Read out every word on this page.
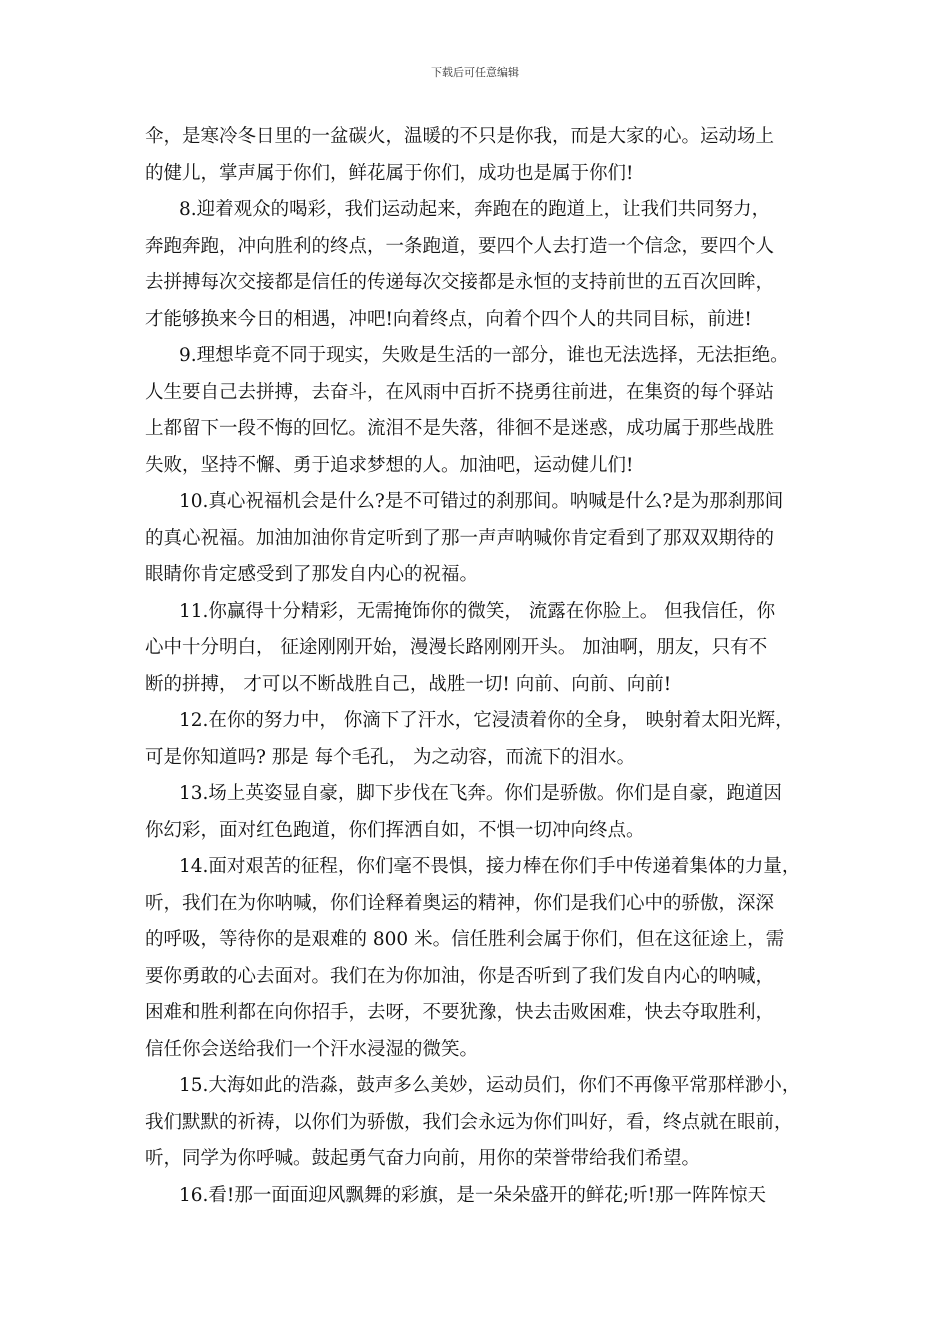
下载后可任意编辑
伞，是寒冷冬日里的一盆碳火，温暖的不只是你我，而是大家的心。运动场上
的健儿，掌声属于你们，鲜花属于你们，成功也是属于你们!
8.迎着观众的喝彩，我们运动起来，奔跑在的跑道上，让我们共同努力，
奔跑奔跑，冲向胜利的终点，一条跑道，要四个人去打造一个信念，要四个人
去拼搏每次交接都是信任的传递每次交接都是永恒的支持前世的五百次回眸，
才能够换来今日的相遇，冲吧!向着终点，向着个四个人的共同目标，前进!
9.理想毕竟不同于现实，失败是生活的一部分，谁也无法选择，无法拒绝。
人生要自己去拼搏，去奋斗，在风雨中百折不挠勇往前进，在集资的每个驿站
上都留下一段不悔的回忆。流泪不是失落，徘徊不是迷惑，成功属于那些战胜
失败，坚持不懈、勇于追求梦想的人。加油吧，运动健儿们!
10.真心祝福机会是什么?是不可错过的刹那间。呐喊是什么?是为那刹那间
的真心祝福。加油加油你肯定听到了那一声声呐喊你肯定看到了那双双期待的
眼睛你肯定感受到了那发自内心的祝福。
11.你赢得十分精彩，无需掩饰你的微笑， 流露在你脸上。 但我信任，你
心中十分明白， 征途刚刚开始，漫漫长路刚刚开头。 加油啊，朋友，只有不
断的拼搏， 才可以不断战胜自己，战胜一切! 向前、向前、向前!
12.在你的努力中， 你滴下了汗水，它浸渍着你的全身， 映射着太阳光辉，
可是你知道吗? 那是 每个毛孔， 为之动容，而流下的泪水。
13.场上英姿显自豪，脚下步伐在飞奔。你们是骄傲。你们是自豪，跑道因
你幻彩，面对红色跑道，你们挥洒自如，不惧一切冲向终点。
14.面对艰苦的征程，你们毫不畏惧，接力棒在你们手中传递着集体的力量，
听，我们在为你呐喊，你们诠释着奥运的精神，你们是我们心中的骄傲，深深
的呼吸，等待你的是艰难的 800 米。信任胜利会属于你们，但在这征途上，需
要你勇敢的心去面对。我们在为你加油，你是否听到了我们发自内心的呐喊，
困难和胜利都在向你招手，去呀，不要犹豫，快去击败困难，快去夺取胜利，
信任你会送给我们一个汗水浸湿的微笑。
15.大海如此的浩淼，鼓声多么美妙，运动员们，你们不再像平常那样渺小，
我们默默的祈祷，以你们为骄傲，我们会永远为你们叫好，看，终点就在眼前，
听，同学为你呼喊。鼓起勇气奋力向前，用你的荣誉带给我们希望。
16.看!那一面面迎风飘舞的彩旗，是一朵朵盛开的鲜花;听!那一阵阵惊天
